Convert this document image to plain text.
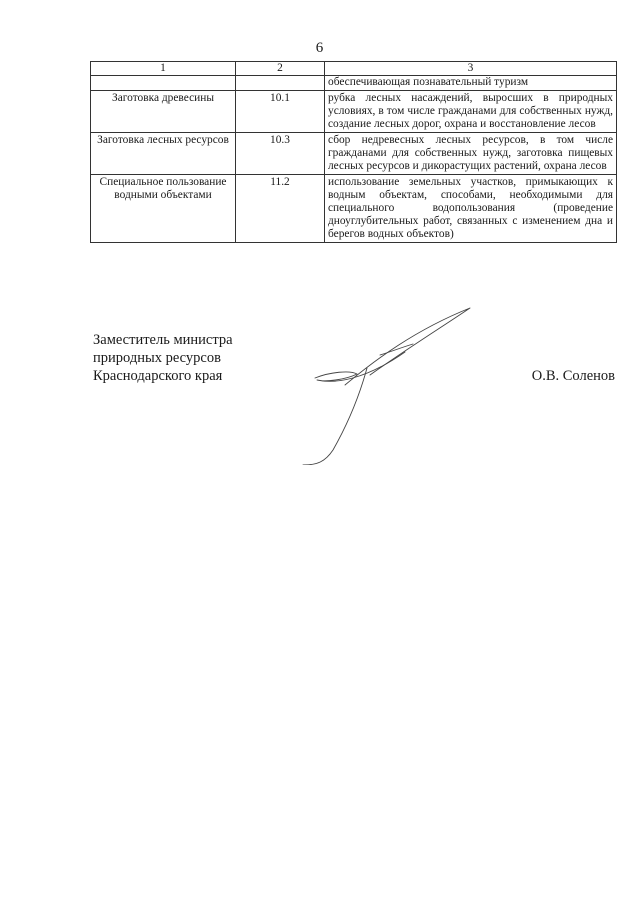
6
1	2	3
		обеспечивающая познавательный туризм
Заготовка древесины	10.1	рубка лесных насаждений, выросших в природных условиях, в том числе гражданами для собственных нужд, создание лесных дорог, охрана и восстановление лесов
Заготовка лесных ресурсов	10.3	сбор недревесных лесных ресурсов, в том числе гражданами для собственных нужд, заготовка пищевых лесных ресурсов и дикорастущих растений, охрана лесов
Специальное пользование водными объектами	11.2	использование земельных участков, примыкающих к водным объектам, способами, необходимыми для специального водопользования (проведение дноуглубительных работ, связанных с изменением дна и берегов водных объектов)
Заместитель министра
природных ресурсов
Краснодарского края	О.В. Соленов
